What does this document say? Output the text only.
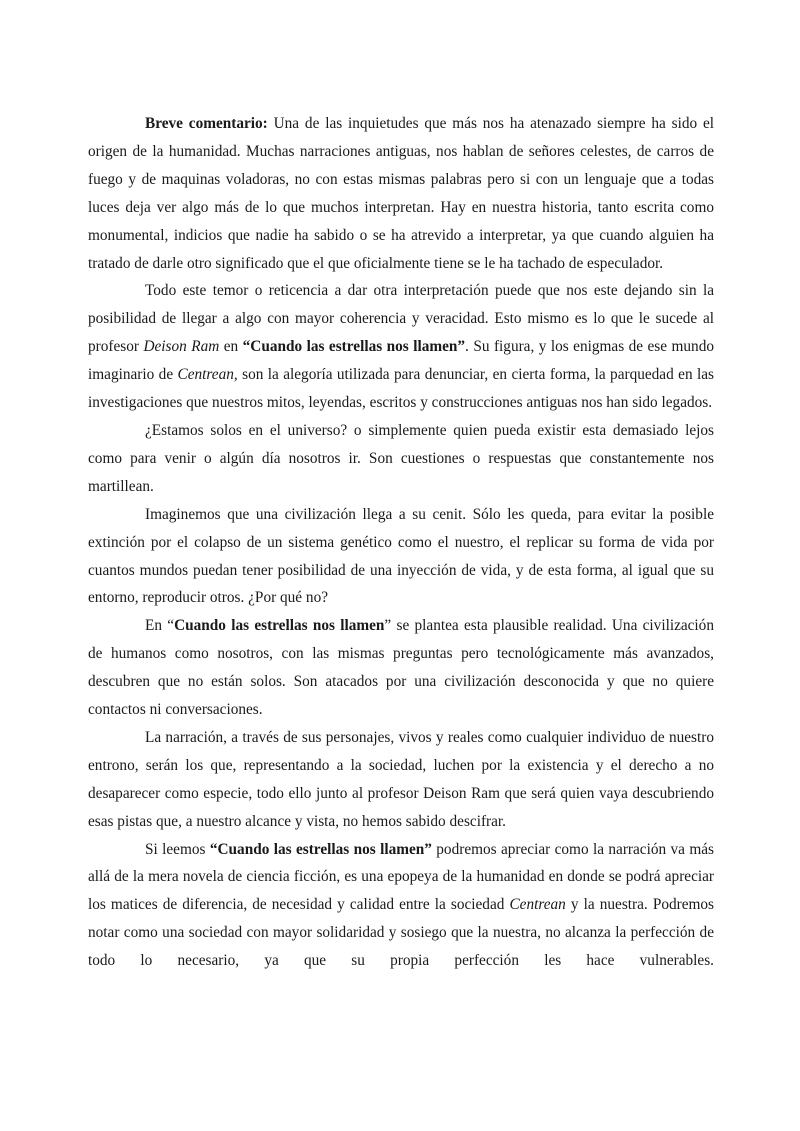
Breve comentario: Una de las inquietudes que más nos ha atenazado siempre ha sido el origen de la humanidad. Muchas narraciones antiguas, nos hablan de señores celestes, de carros de fuego y de maquinas voladoras, no con estas mismas palabras pero si con un lenguaje que a todas luces deja ver algo más de lo que muchos interpretan. Hay en nuestra historia, tanto escrita como monumental, indicios que nadie ha sabido o se ha atrevido a interpretar, ya que cuando alguien ha tratado de darle otro significado que el que oficialmente tiene se le ha tachado de especulador.

Todo este temor o reticencia a dar otra interpretación puede que nos este dejando sin la posibilidad de llegar a algo con mayor coherencia y veracidad. Esto mismo es lo que le sucede al profesor Deison Ram en “Cuando las estrellas nos llamen”. Su figura, y los enigmas de ese mundo imaginario de Centrean, son la alegoría utilizada para denunciar, en cierta forma, la parquedad en las investigaciones que nuestros mitos, leyendas, escritos y construcciones antiguas nos han sido legados.

¿Estamos solos en el universo? o simplemente quien pueda existir esta demasiado lejos como para venir o algún día nosotros ir. Son cuestiones o respuestas que constantemente nos martillean.

Imaginemos que una civilización llega a su cenit. Sólo les queda, para evitar la posible extinción por el colapso de un sistema genético como el nuestro, el replicar su forma de vida por cuantos mundos puedan tener posibilidad de una inyección de vida, y de esta forma, al igual que su entorno, reproducir otros. ¿Por qué no?

En “Cuando las estrellas nos llamen” se plantea esta plausible realidad. Una civilización de humanos como nosotros, con las mismas preguntas pero tecnológicamente más avanzados, descubren que no están solos. Son atacados por una civilización desconocida y que no quiere contactos ni conversaciones.

La narración, a través de sus personajes, vivos y reales como cualquier individuo de nuestro entrono, serán los que, representando a la sociedad, luchen por la existencia y el derecho a no desaparecer como especie, todo ello junto al profesor Deison Ram que será quien vaya descubriendo esas pistas que, a nuestro alcance y vista, no hemos sabido descifrar.

Si leemos “Cuando las estrellas nos llamen” podremos apreciar como la narración va más allá de la mera novela de ciencia ficción, es una epopeya de la humanidad en donde se podrá apreciar los matices de diferencia, de necesidad y calidad entre la sociedad Centrean y la nuestra. Podremos notar como una sociedad con mayor solidaridad y sosiego que la nuestra, no alcanza la perfección de todo lo necesario, ya que su propia perfección les hace vulnerables.
